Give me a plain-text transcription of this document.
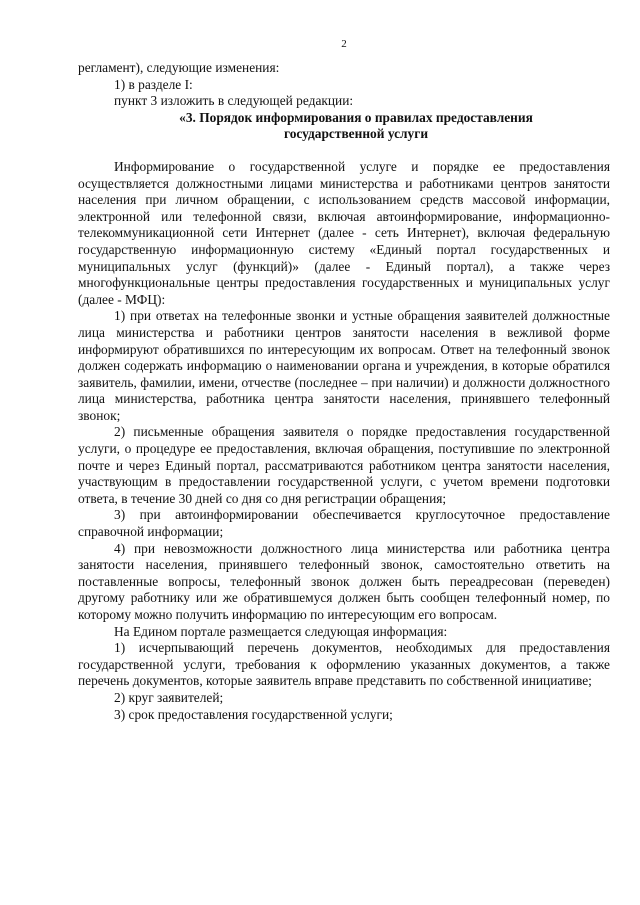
2

регламент), следующие изменения:

1) в разделе I:

пункт 3 изложить в следующей редакции:

«3. Порядок информирования о правилах предоставления

государственной услуги

Информирование о государственной услуге и порядке ее предоставления осуществляется должностными лицами министерства и работниками центров занятости населения при личном обращении, с использованием средств массовой информации, электронной или телефонной связи, включая автоинформирование, информационно-телекоммуникационной сети Интернет (далее - сеть Интернет), включая федеральную государственную информационную систему «Единый портал государственных и муниципальных услуг (функций)» (далее - Единый портал), а также через многофункциональные центры предоставления государственных и муниципальных услуг (далее - МФЦ):

1) при ответах на телефонные звонки и устные обращения заявителей должностные лица министерства и работники центров занятости населения в вежливой форме информируют обратившихся по интересующим их вопросам. Ответ на телефонный звонок должен содержать информацию о наименовании органа и учреждения, в которые обратился заявитель, фамилии, имени, отчестве (последнее – при наличии) и должности должностного лица министерства, работника центра занятости населения, принявшего телефонный звонок;

2) письменные обращения заявителя о порядке предоставления государственной услуги, о процедуре ее предоставления, включая обращения, поступившие по электронной почте и через Единый портал, рассматриваются работником центра занятости населения, участвующим в предоставлении государственной услуги, с учетом времени подготовки ответа, в течение 30 дней со дня со дня регистрации обращения;

3) при автоинформировании обеспечивается круглосуточное предоставление справочной информации;

4) при невозможности должностного лица министерства или работника центра занятости населения, принявшего телефонный звонок, самостоятельно ответить на поставленные вопросы, телефонный звонок должен быть переадресован (переведен) другому работнику или же обратившемуся должен быть сообщен телефонный номер, по которому можно получить информацию по интересующим его вопросам.

На Едином портале размещается следующая информация:

1) исчерпывающий перечень документов, необходимых для предоставления государственной услуги, требования к оформлению указанных документов, а также перечень документов, которые заявитель вправе представить по собственной инициативе;

2) круг заявителей;

3) срок предоставления государственной услуги;
